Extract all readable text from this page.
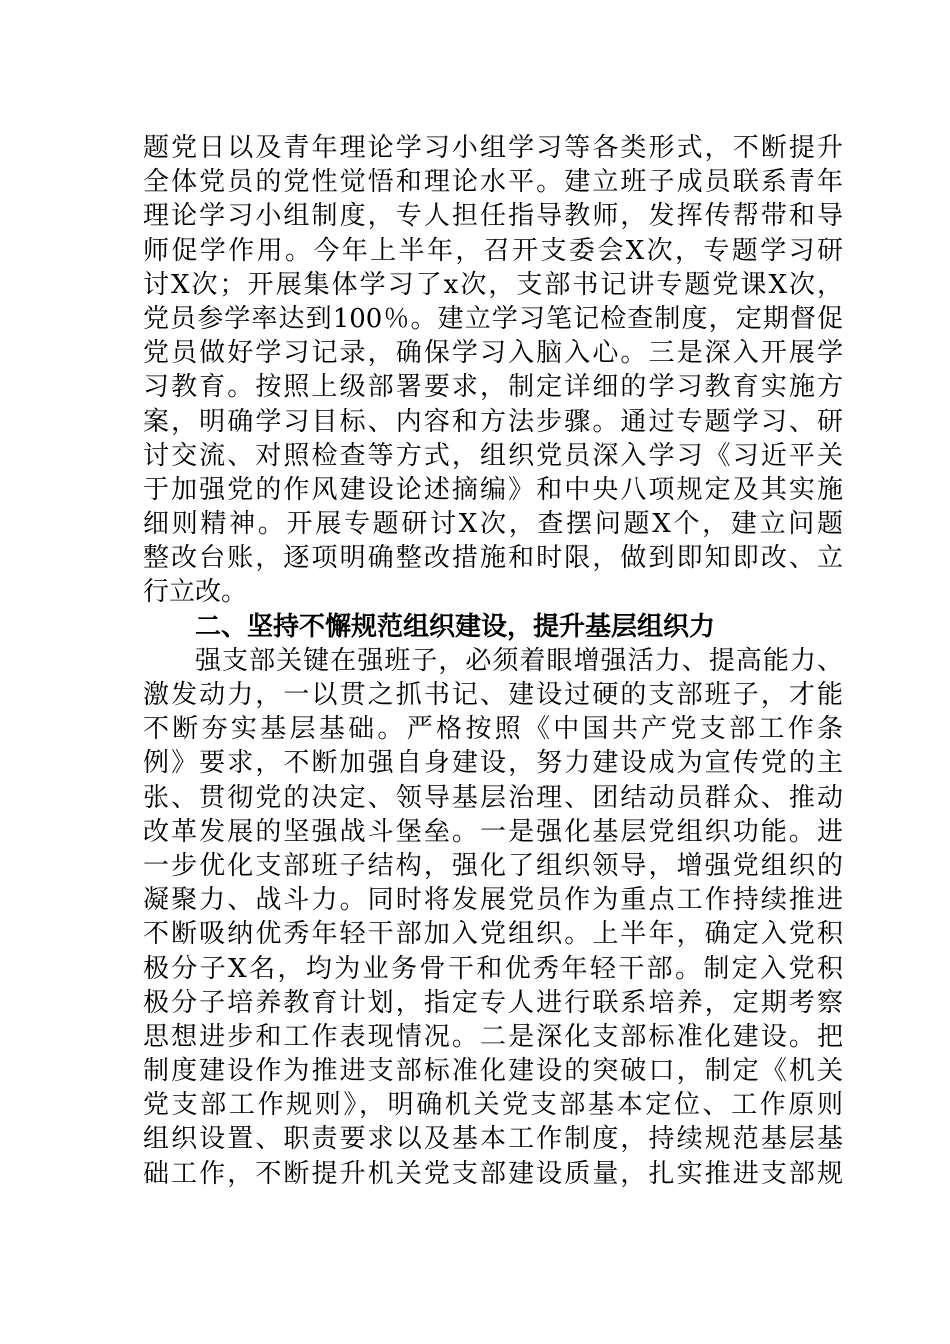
题党日以及青年理论学习小组学习等各类形式，不断提升
全体党员的党性觉悟和理论水平。建立班子成员联系青年
理论学习小组制度，专人担任指导教师，发挥传帮带和导
师促学作用。今年上半年，召开支委会X次，专题学习研
讨X次；开展集体学习了x次，支部书记讲专题党课X次，
党员参学率达到100％。建立学习笔记检查制度，定期督促
党员做好学习记录，确保学习入脑入心。三是深入开展学
习教育。按照上级部署要求，制定详细的学习教育实施方
案，明确学习目标、内容和方法步骤。通过专题学习、研
讨交流、对照检查等方式，组织党员深入学习《习近平关
于加强党的作风建设论述摘编》和中央八项规定及其实施
细则精神。开展专题研讨X次，查摆问题X个，建立问题
整改台账，逐项明确整改措施和时限，做到即知即改、立
行立改。
二、坚持不懈规范组织建设，提升基层组织力
强支部关键在强班子，必须着眼增强活力、提高能力、
激发动力，一以贯之抓书记、建设过硬的支部班子，才能
不断夯实基层基础。严格按照《中国共产党支部工作条
例》要求，不断加强自身建设，努力建设成为宣传党的主
张、贯彻党的决定、领导基层治理、团结动员群众、推动
改革发展的坚强战斗堡垒。一是强化基层党组织功能。进
一步优化支部班子结构，强化了组织领导，增强党组织的
凝聚力、战斗力。同时将发展党员作为重点工作持续推进
不断吸纳优秀年轻干部加入党组织。上半年，确定入党积
极分子X名，均为业务骨干和优秀年轻干部。制定入党积
极分子培养教育计划，指定专人进行联系培养，定期考察
思想进步和工作表现情况。二是深化支部标准化建设。把
制度建设作为推进支部标准化建设的突破口，制定《机关
党支部工作规则》，明确机关党支部基本定位、工作原则
组织设置、职责要求以及基本工作制度，持续规范基层基
础工作，不断提升机关党支部建设质量，扎实推进支部规
